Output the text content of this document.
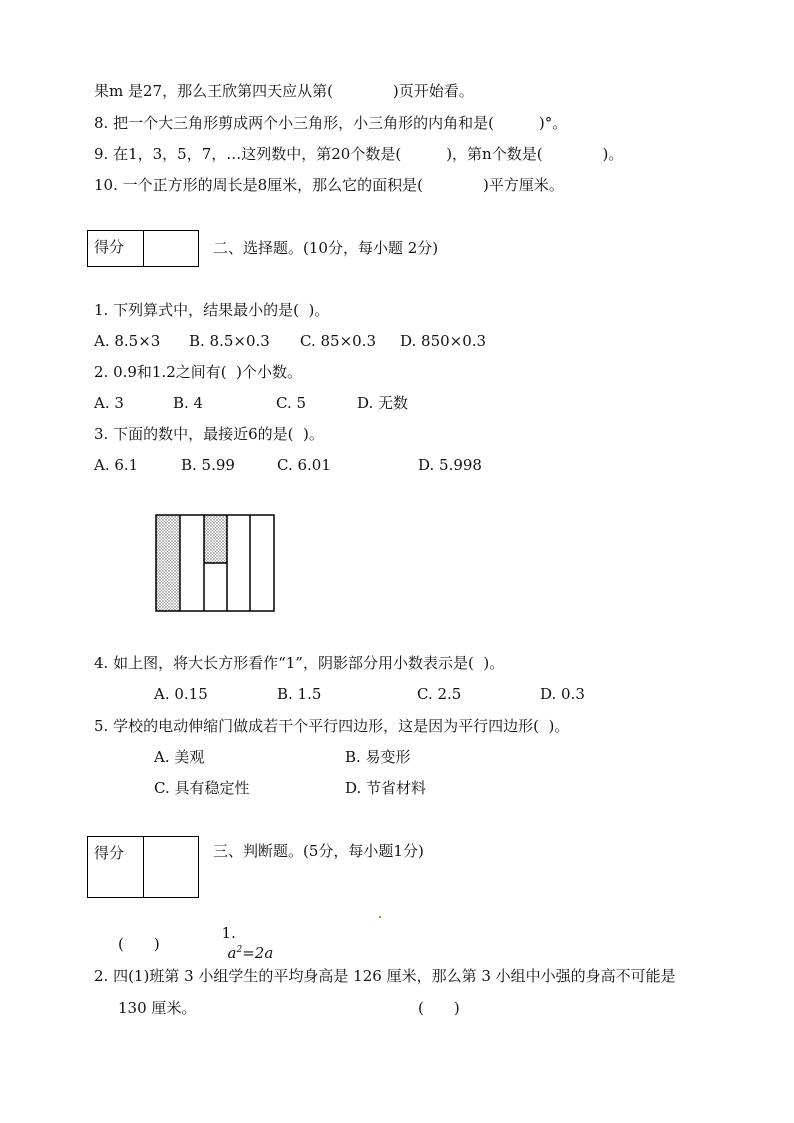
果m 是27，那么王欣第四天应从第(　　　　)页开始看。
8. 把一个大三角形剪成两个小三角形，小三角形的内角和是(　　　)°。
9. 在1，3，5，7，…这列数中，第20个数是(　　　)，第n个数是(　　　　)。
10. 一个正方形的周长是8厘米，那么它的面积是(　　　　)平方厘米。
得分	二、选择题。(10分，每小题 2分)
1. 下列算式中，结果最小的是(  )。
A. 8.5×3 B. 8.5×0.3 C. 85×0.3 D. 850×0.3
2. 0.9和1.2之间有(  )个小数。
A. 3	B. 4	C. 5	D. 无数
3. 下面的数中，最接近6的是(  )。
A. 6.1	B. 5.99	C. 6.01	D. 5.998
4. 如上图，将大长方形看作“1”，阴影部分用小数表示是(  )。
A. 0.15	B. 1.5	C. 2.5	D. 0.3
5. 学校的电动伸缩门做成若干个平行四边形，这是因为平行四边形(  )。
A. 美观	B. 易变形
C. 具有稳定性	D. 节省材料
得分	三、判断题。(5分，每小题1分)

1.
$a^2=2a$

(　　)
2. 四(1)班第 3 小组学生的平均身高是 126 厘米，那么第 3 小组中小强的身高不可能是
130 厘米。	(　　)
